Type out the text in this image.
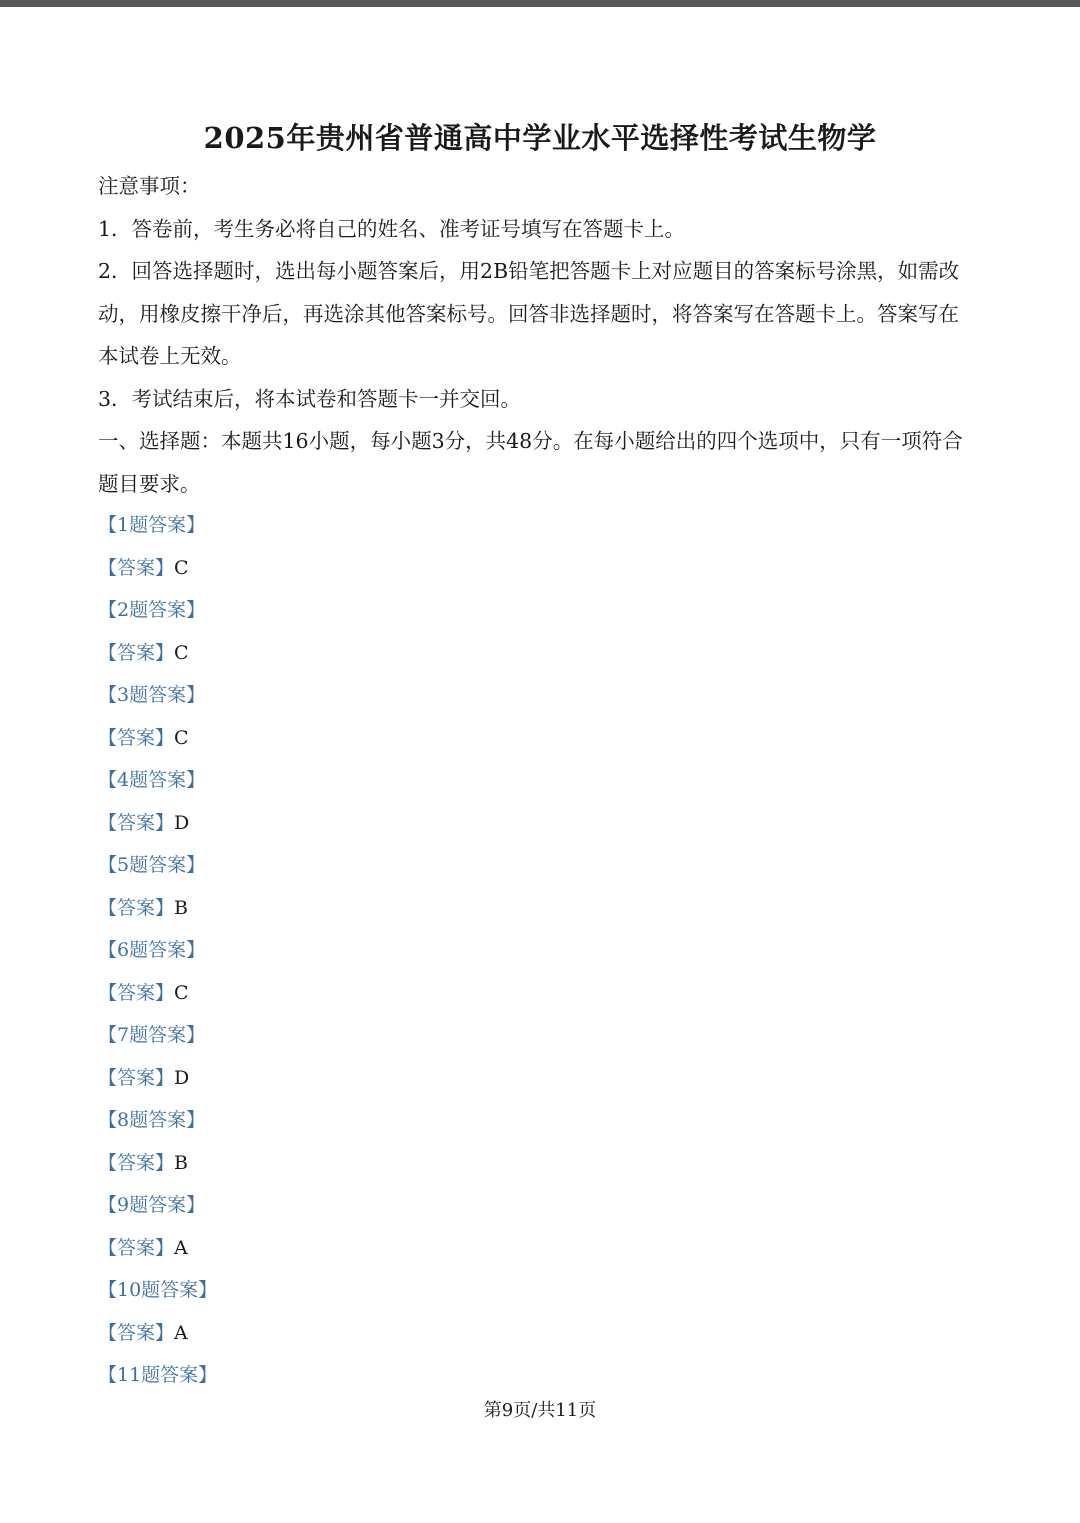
2025年贵州省普通高中学业水平选择性考试生物学

注意事项：

1．答卷前，考生务必将自己的姓名、准考证号填写在答题卡上。

2．回答选择题时，选出每小题答案后，用2B铅笔把答题卡上对应题目的答案标号涂黑，如需改动，用橡皮擦干净后，再选涂其他答案标号。回答非选择题时，将答案写在答题卡上。答案写在本试卷上无效。

3．考试结束后，将本试卷和答题卡一并交回。

一、选择题：本题共16小题，每小题3分，共48分。在每小题给出的四个选项中，只有一项符合题目要求。

【1题答案】
【答案】C
【2题答案】
【答案】C
【3题答案】
【答案】C
【4题答案】
【答案】D
【5题答案】
【答案】B
【6题答案】
【答案】C
【7题答案】
【答案】D
【8题答案】
【答案】B
【9题答案】
【答案】A
【10题答案】
【答案】A
【11题答案】
第9页/共11页
